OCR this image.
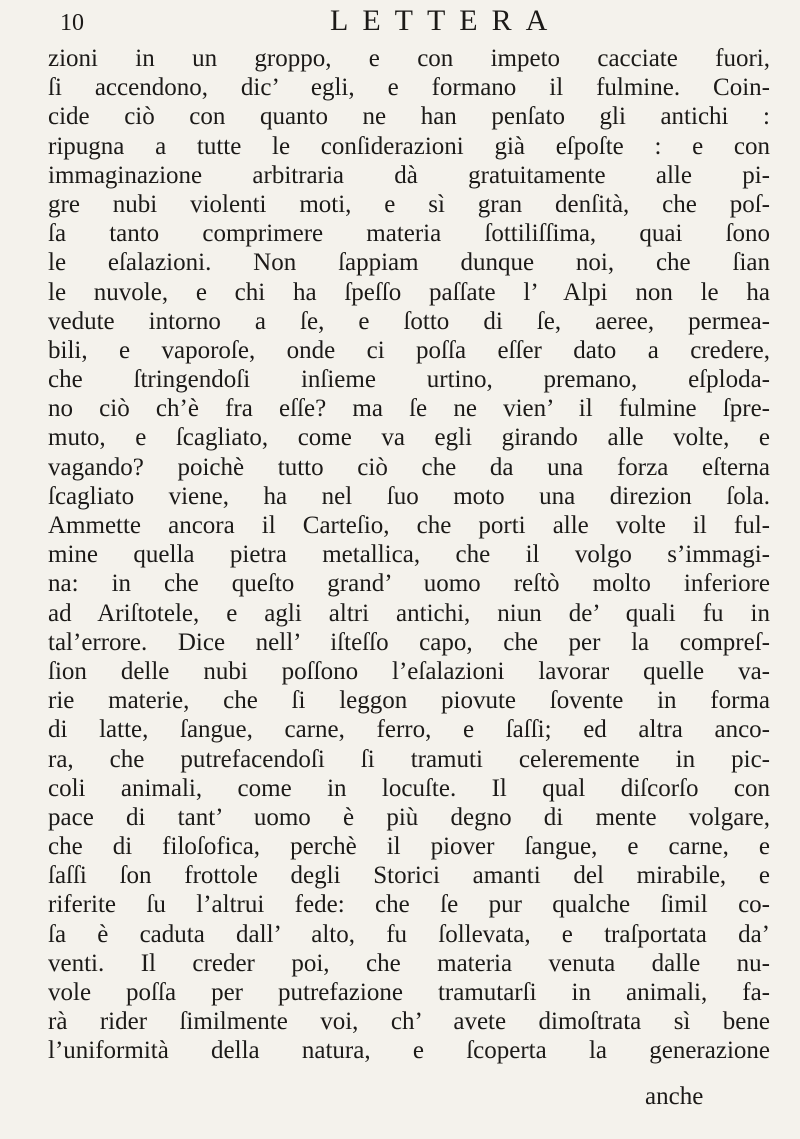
10	LETTERA
zioni in un groppo, e con impeto cacciate fuori,
ſi accendono, dic’ egli, e formano il fulmine. Coin-
cide ciò con quanto ne han penſato gli antichi :
ripugna a tutte le conſiderazioni già eſpoſte : e con
immaginazione arbitraria dà gratuitamente alle pi-
gre nubi violenti moti, e sì gran denſità, che poſ-
ſa tanto comprimere materia ſottiliſſima, quai ſono
le eſalazioni. Non ſappiam dunque noi, che ſian
le nuvole, e chi ha ſpeſſo paſſate l’ Alpi non le ha
vedute intorno a ſe, e ſotto di ſe, aeree, permea-
bili, e vaporoſe, onde ci poſſa eſſer dato a credere,
che ſtringendoſi inſieme urtino, premano, eſploda-
no ciò ch’è fra eſſe? ma ſe ne vien’ il fulmine ſpre-
muto, e ſcagliato, come va egli girando alle volte, e
vagando? poichè tutto ciò che da una forza eſterna
ſcagliato viene, ha nel ſuo moto una direzion ſola.
Ammette ancora il Carteſio, che porti alle volte il ful-
mine quella pietra metallica, che il volgo s’immagi-
na: in che queſto grand’ uomo reſtò molto inferiore
ad Ariſtotele, e agli altri antichi, niun de’ quali fu in
tal’errore. Dice nell’ iſteſſo capo, che per la compreſ-
ſion delle nubi poſſono l’eſalazioni lavorar quelle va-
rie materie, che ſi leggon piovute ſovente in forma
di latte, ſangue, carne, ferro, e ſaſſi; ed altra anco-
ra, che putrefacendoſi ſi tramuti celeremente in pic-
coli animali, come in locuſte. Il qual diſcorſo con
pace di tant’ uomo è più degno di mente volgare,
che di filoſofica, perchè il piover ſangue, e carne, e
ſaſſi ſon frottole degli Storici amanti del mirabile, e
riferite ſu l’altrui fede: che ſe pur qualche ſimil co-
ſa è caduta dall’ alto, fu ſollevata, e traſportata da’
venti. Il creder poi, che materia venuta dalle nu-
vole poſſa per putrefazione tramutarſi in animali, fa-
rà rider ſimilmente voi, ch’ avete dimoſtrata sì bene
l’uniformità della natura, e ſcoperta la generazione
anche
